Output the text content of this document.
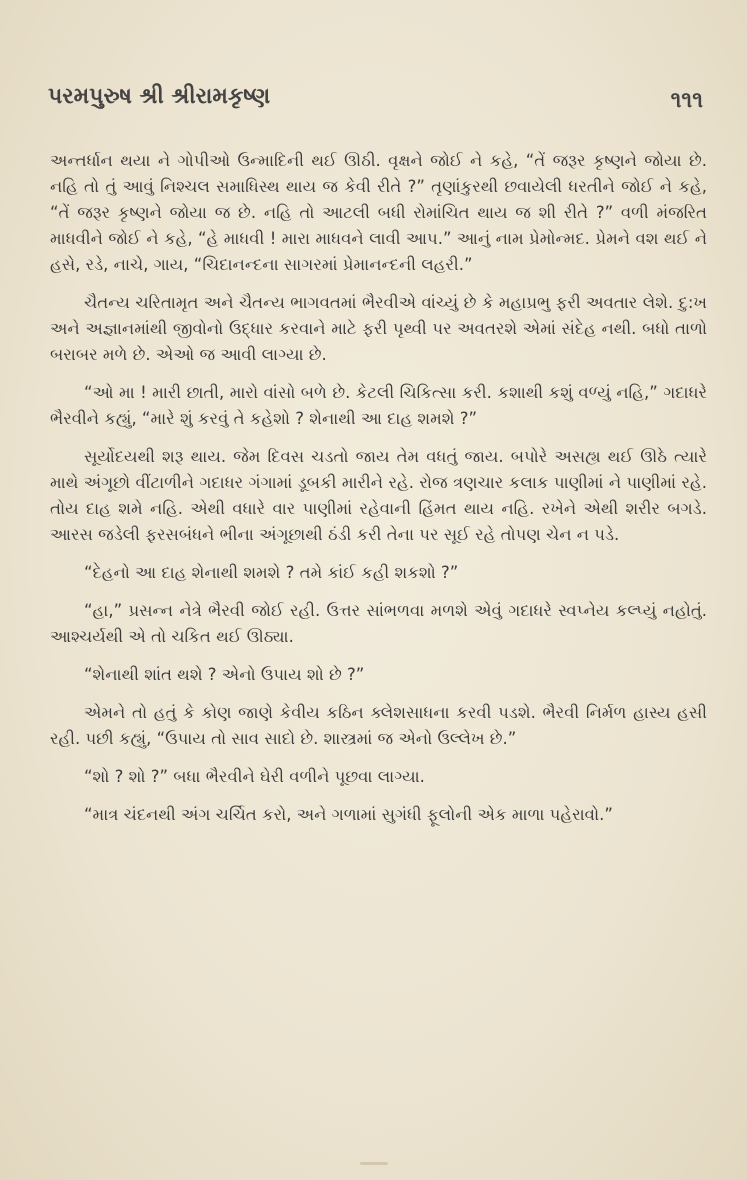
પરમપુરુષ શ્રી શ્રીરામકૃષ્ણ	૧૧૧

અન્તર્ધાન થયા ને ગોપીઓ ઉન્માદિની થઈ ઊઠી. વૃક્ષને જોઈ ને કહે, “તેં જરૂર કૃષ્ણને જોયા છે. નહિ તો તું આવું નિશ્ચલ સમાધિસ્થ થાય જ કેવી રીતે ?” તૃણાંકુરથી છવાયેલી ધરતીને જોઈ ને કહે, “તેં જરૂર કૃષ્ણને જોયા જ છે. નહિ તો આટલી બધી રોમાંચિત થાય જ શી રીતે ?” વળી મંજરિત માધવીને જોઈ ને કહે, “હે માધવી ! મારા માધવને લાવી આપ.” આનું નામ પ્રેમોન્મદ. પ્રેમને વશ થઈ ને હસે, રડે, નાચે, ગાય, “ચિદાનન્દના સાગરમાં પ્રેમાનન્દની લહરી.”

ચૈતન્ય ચરિતામૃત અને ચૈતન્ય ભાગવતમાં ભૈરવીએ વાંચ્યું છે કે મહાપ્રભુ ફરી અવતાર લેશે. દુ:ખ અને અજ્ઞાનમાંથી જીવોનો ઉદ્ધાર કરવાને માટે ફરી પૃથ્વી પર અવતરશે એમાં સંદેહ નથી. બધો તાળો બરાબર મળે છે. એઓ જ આવી લાગ્યા છે.

“ઓ મા ! મારી છાતી, મારો વાંસો બળે છે. કેટલી ચિકિત્સા કરી. કશાથી કશું વળ્યું નહિ,” ગદાધરે ભૈરવીને કહ્યું, “મારે શું કરવું તે કહેશો ? શેનાથી આ દાહ શમશે ?”

સૂર્યોદયથી શરૂ થાય. જેમ દિવસ ચડતો જાય તેમ વધતું જાય. બપોરે અસહ્ય થઈ ઊઠે ત્યારે માથે અંગૂછો વીંટાળીને ગદાધર ગંગામાં ડૂબકી મારીને રહે. રોજ ત્રણચાર કલાક પાણીમાં ને પાણીમાં રહે. તોય દાહ શમે નહિ. એથી વધારે વાર પાણીમાં રહેવાની હિંમત થાય નહિ. રખેને એથી શરીર બગડે. આરસ જડેલી ફરસબંધને ભીના અંગૂછાથી ઠંડી કરી તેના પર સૂઈ રહે તોપણ ચેન ન પડે.

“દેહનો આ દાહ શેનાથી શમશે ? તમે કાંઈ કહી શકશો ?”

“હા,” પ્રસન્ન નેત્રે ભૈરવી જોઈ રહી. ઉત્તર સાંભળવા મળશે એવું ગદાધરે સ્વપ્નેય કલ્પ્યું નહોતું. આશ્ચર્યથી એ તો ચકિત થઈ ઊઠ્યા.

“શેનાથી શાંત થશે ? એનો ઉપાય શો છે ?”

એમને તો હતું કે કોણ જાણે કેવીય કઠિન ક્લેશસાધના કરવી પડશે. ભૈરવી નિર્મળ હાસ્ય હસી રહી. પછી કહ્યું, “ઉપાય તો સાવ સાદો છે. શાસ્ત્રમાં જ એનો ઉલ્લેખ છે.”

“શો ? શો ?” બધા ભૈરવીને ઘેરી વળીને પૂછવા લાગ્યા.

“માત્ર ચંદનથી અંગ ચર્ચિત કરો, અને ગળામાં સુગંધી ફૂલોની એક માળા પહેરાવો.”
